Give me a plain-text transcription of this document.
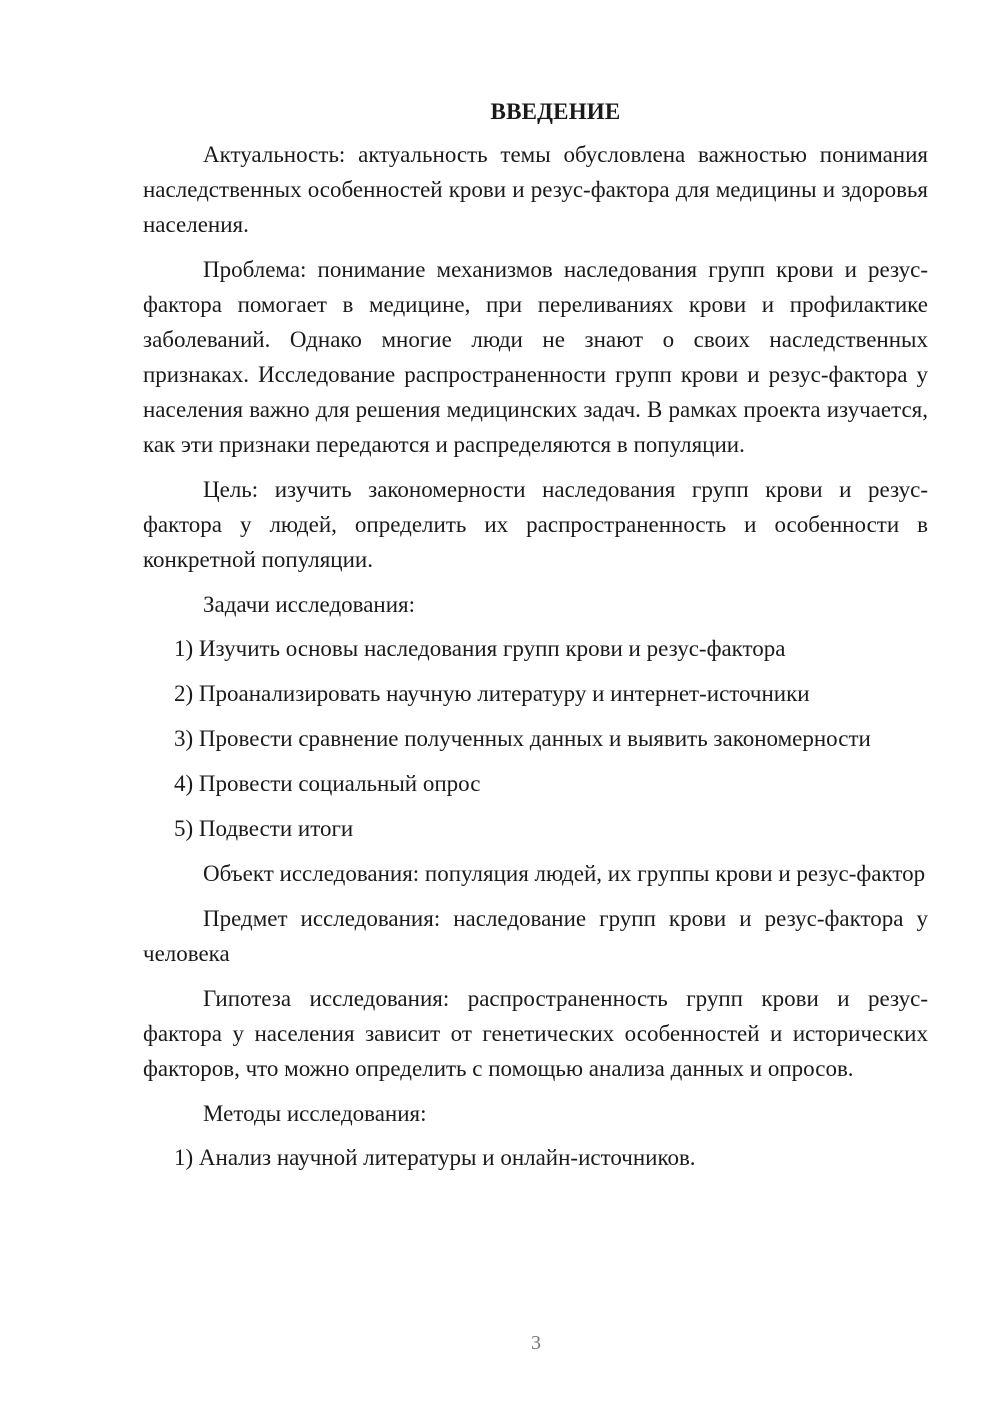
ВВЕДЕНИЕ

Актуальность: актуальность темы обусловлена важностью понимания наследственных особенностей крови и резус-фактора для медицины и здоровья населения.

Проблема: понимание механизмов наследования групп крови и резус-фактора помогает в медицине, при переливаниях крови и профилактике заболеваний. Однако многие люди не знают о своих наследственных признаках. Исследование распространенности групп крови и резус-фактора у населения важно для решения медицинских задач. В рамках проекта изучается, как эти признаки передаются и распределяются в популяции.

Цель: изучить закономерности наследования групп крови и резус-фактора у людей, определить их распространенность и особенности в конкретной популяции.

Задачи исследования:

1) Изучить основы наследования групп крови и резус-фактора
2) Проанализировать научную литературу и интернет-источники
3) Провести сравнение полученных данных и выявить закономерности
4) Провести социальный опрос
5) Подвести итоги

Объект исследования: популяция людей, их группы крови и резус-фактор

Предмет исследования: наследование групп крови и резус-фактора у человека

Гипотеза исследования: распространенность групп крови и резус-фактора у населения зависит от генетических особенностей и исторических факторов, что можно определить с помощью анализа данных и опросов.

Методы исследования:

1) Анализ научной литературы и онлайн-источников.
3
